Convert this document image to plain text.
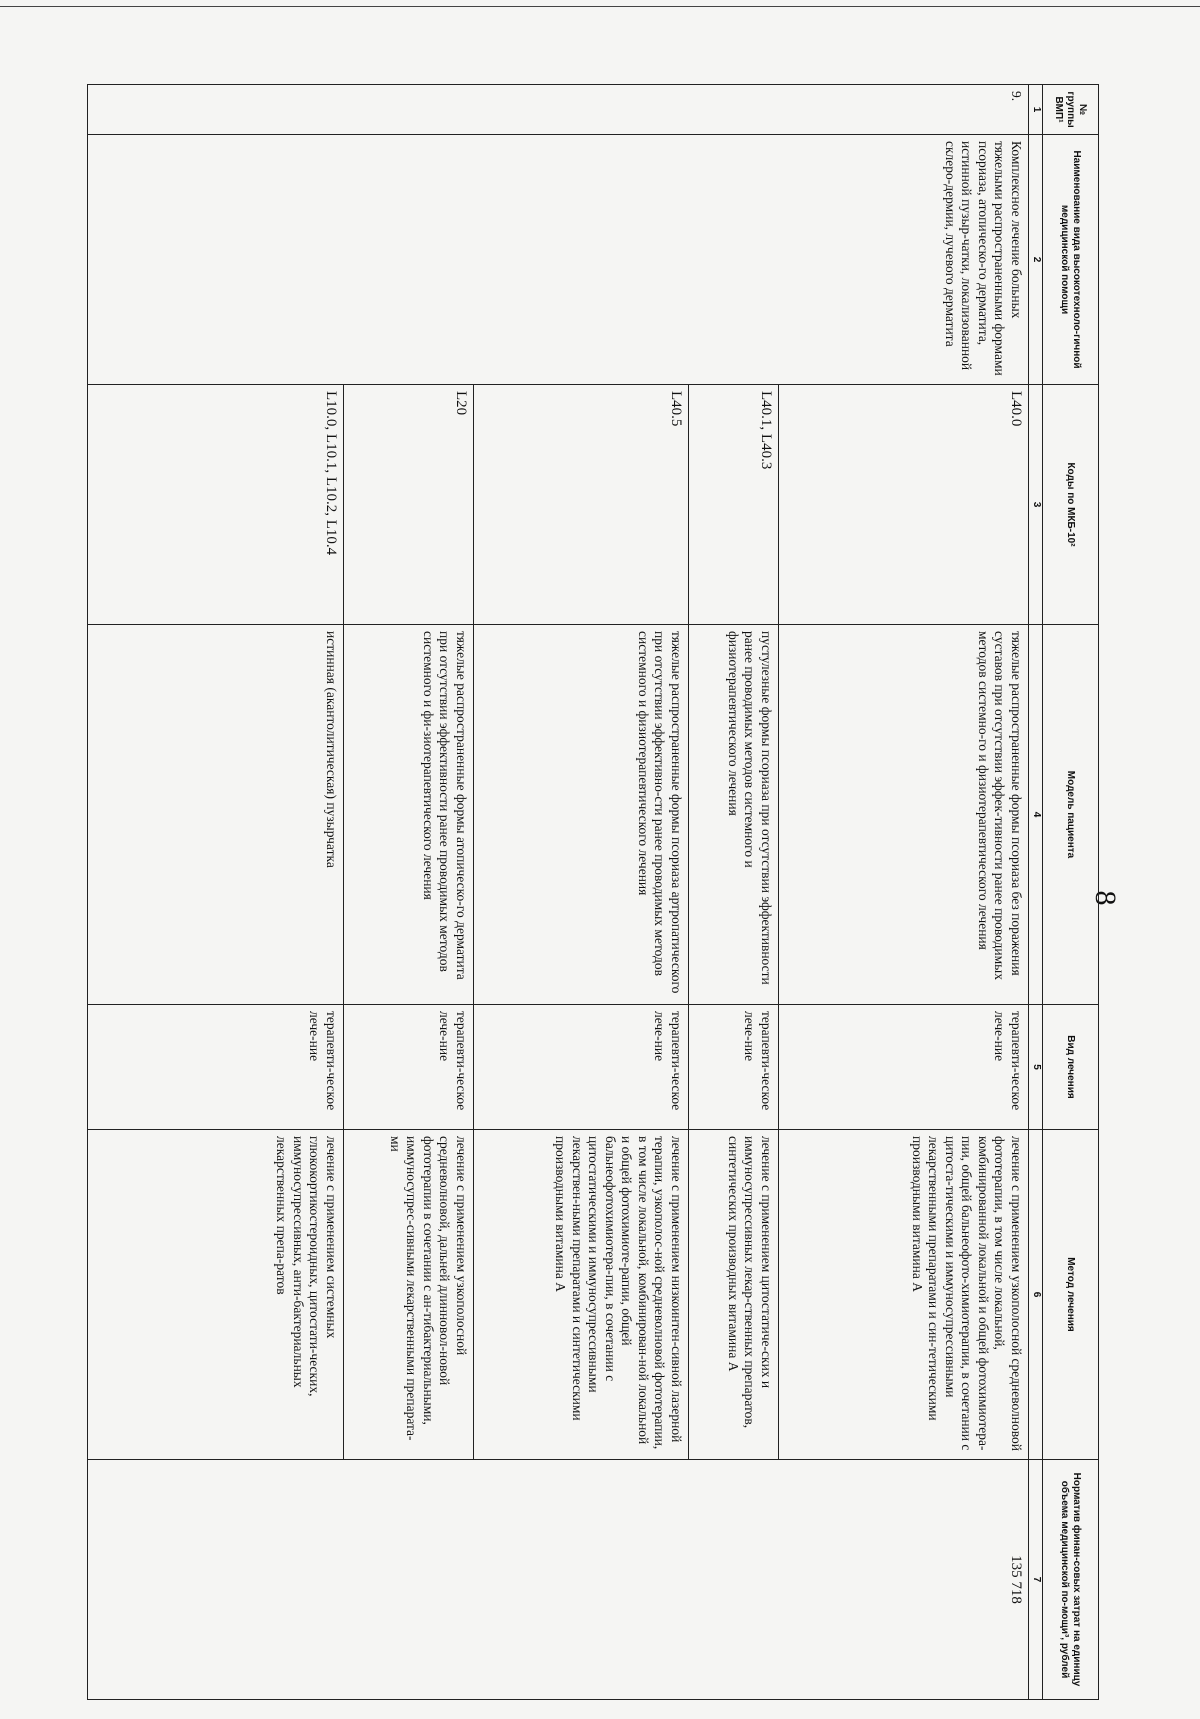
8
№ группы ВМП¹	Наименование вида высокотехноло-гичной медицинской помощи	Коды по МКБ-10²	Модель пациента	Вид лечения	Метод лечения	Норматив финан-совых затрат на единицу объема медицинской по-мощи³, рублей
1	2	3	4	5	6	7
9.	Комплексное лечение больных тяжелыми распространенными формами псориаза, атопическо-го дерматита, истинной пузыр-чатки, локализованной склеро-дермии, лучевого дерматита	L40.0	тяжелые распространенные формы псориаза без поражения суставов при отсутствии эффек-тивности ранее проводимых методов системно-го и физиотерапевтического лечения	терапевти-ческое лече-ние	лечение с применением узкополосной средневолновой фототерапии, в том числе локальной, комбинированной локальной и общей фотохимиотера-пии, общей бальнеофото-химиотерапии, в сочетании с цитоста-тическими и иммуносупрессивными лекарственными препаратами и син-тетическими производными витамина А	135 718
		L40.1, L40.3	пустулезные формы псориаза при отсутствии эффективности ранее проводимых методов системного и физиотерапевтического лечения	терапевти-ческое лече-ние	лечение с применением цитостатиче-ских и иммуносупрессивных лекар-ственных препаратов, синтетических производных витамина А	
		L40.5	тяжелые распространенные формы псориаза артропатического при отсутствии эффективно-сти ранее проводимых методов системного и физиотерапевтического лечения	терапевти-ческое лече-ние	лечение с применением низкоинтен-сивной лазерной терапии, узкополос-ной средневолновой фототерапии, в том числе локальной, комбинирован-ной локальной и общей фотохимиоте-рапии, общей бальнеофотохимиотера-пии, в сочетании с цитостатическими и иммуносупрессивными лекарствен-ными препаратами и синтетическими производными витамина А	
		L20	тяжелые распространенные формы атопическо-го дерматита при отсутствии эффективности ранее проводимых методов системного и фи-зиотерапевтического лечения	терапевти-ческое лече-ние	лечение с применением узкополосной средневолновой, дальней длинновол-новой фототерапии в сочетании с ан-тибактериальными, иммуносупрес-сивными лекарственными препарата-ми	
		L10.0, L10.1, L10.2, L10.4	истинная (акантолитическая) пузырчатка	терапевти-ческое лече-ние	лечение с применением системных глюкокортикостероидных, цитостати-ческих, иммуносупрессивных, анти-бактериальных лекарственных препа-ратов	
